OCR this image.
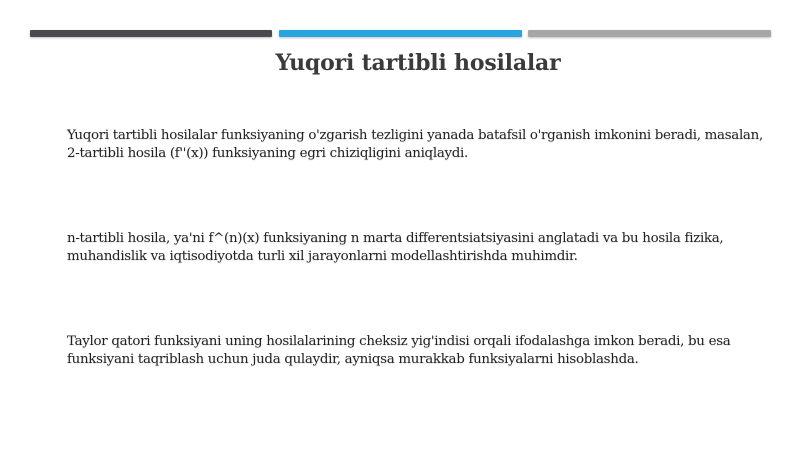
Yuqori tartibli hosilalar

Yuqori tartibli hosilalar funksiyaning o'zgarish tezligini yanada batafsil o'rganish imkonini beradi, masalan, 2-tartibli hosila (f''(x)) funksiyaning egri chiziqligini aniqlaydi.

n-tartibli hosila, ya'ni f^(n)(x) funksiyaning n marta differentsiatsiyasini anglatadi va bu hosila fizika, muhandislik va iqtisodiyotda turli xil jarayonlarni modellashtirishda muhimdir.

Taylor qatori funksiyani uning hosilalarining cheksiz yig'indisi orqali ifodalashga imkon beradi, bu esa funksiyani taqriblash uchun juda qulaydir, ayniqsa murakkab funksiyalarni hisoblashda.
